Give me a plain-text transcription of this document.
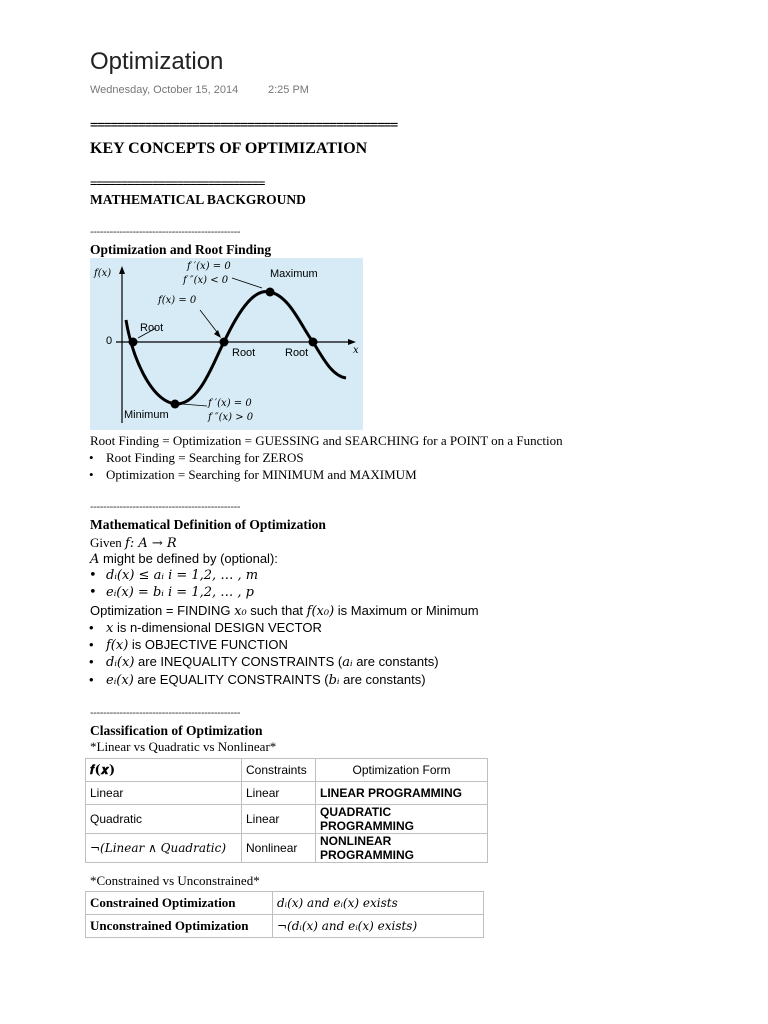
Optimization
Wednesday, October 15, 2014	2:25 PM
=============================================
KEY CONCEPTS OF OPTIMIZATION
============================
MATHEMATICAL BACKGROUND
----------------------------------------------
Optimization and Root Finding
f(x)
0
x
f ′(x) = 0
f ″(x) < 0
Maximum
f(x) = 0
Root
Root	Root
Minimum
f ′(x) = 0
f ″(x) > 0
Root Finding = Optimization = GUESSING and SEARCHING for a POINT on a Function
• Root Finding = Searching for ZEROS
• Optimization = Searching for MINIMUM and MAXIMUM
----------------------------------------------
Mathematical Definition of Optimization
Given f: A → R
A might be defined by (optional):
• dᵢ(x) ≤ aᵢ i = 1,2, … , m
• eᵢ(x) = bᵢ i = 1,2, … , p
Optimization = FINDING x₀ such that f(x₀) is Maximum or Minimum
• x is n-dimensional DESIGN VECTOR
• f(x) is OBJECTIVE FUNCTION
• dᵢ(x) are INEQUALITY CONSTRAINTS (aᵢ are constants)
• eᵢ(x) are EQUALITY CONSTRAINTS (bᵢ are constants)
----------------------------------------------
Classification of Optimization
*Linear vs Quadratic vs Nonlinear*
𝒇(𝒙)	Constraints	Optimization Form
Linear	Linear	LINEAR PROGRAMMING
Quadratic	Linear	QUADRATIC PROGRAMMING
¬(Linear ∧ Quadratic)	Nonlinear	NONLINEAR PROGRAMMING
*Constrained vs Unconstrained*
Constrained Optimization	dᵢ(x) and eᵢ(x) exists
Unconstrained Optimization	¬(dᵢ(x) and eᵢ(x) exists)
